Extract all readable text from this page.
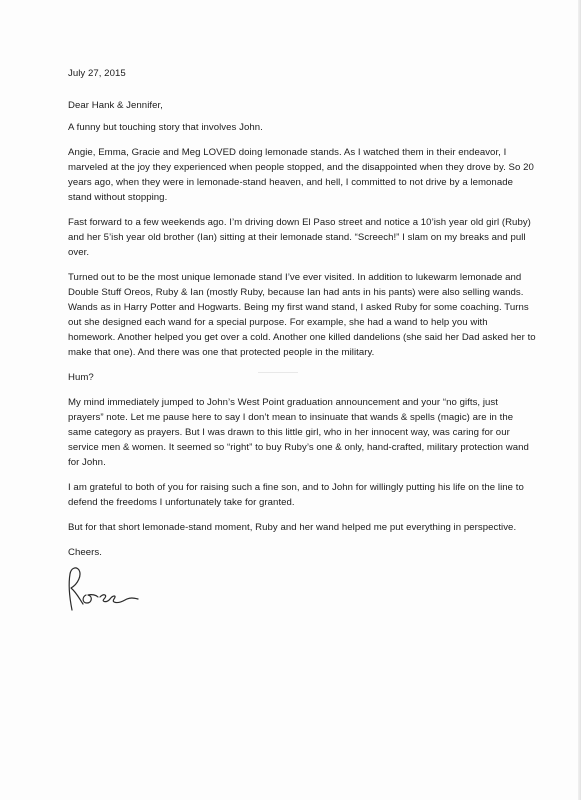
July 27, 2015
Dear Hank & Jennifer,

A funny but touching story that involves John.

Angie, Emma, Gracie and Meg LOVED doing lemonade stands. As I watched them in their endeavor, I marveled at the joy they experienced when people stopped, and the disappointed when they drove by. So 20 years ago, when they were in lemonade-stand heaven, and hell, I committed to not drive by a lemonade stand without stopping.

Fast forward to a few weekends ago. I’m driving down El Paso street and notice a 10’ish year old girl (Ruby) and her 5’ish year old brother (Ian) sitting at their lemonade stand. “Screech!” I slam on my breaks and pull over.

Turned out to be the most unique lemonade stand I’ve ever visited. In addition to lukewarm lemonade and Double Stuff Oreos, Ruby & Ian (mostly Ruby, because Ian had ants in his pants) were also selling wands. Wands as in Harry Potter and Hogwarts. Being my first wand stand, I asked Ruby for some coaching. Turns out she designed each wand for a special purpose. For example, she had a wand to help you with homework. Another helped you get over a cold. Another one killed dandelions (she said her Dad asked her to make that one). And there was one that protected people in the military.

Hum?

My mind immediately jumped to John’s West Point graduation announcement and your “no gifts, just prayers” note. Let me pause here to say I don’t mean to insinuate that wands & spells (magic) are in the same category as prayers. But I was drawn to this little girl, who in her innocent way, was caring for our service men & women. It seemed so “right” to buy Ruby’s one & only, hand-crafted, military protection wand for John.

I am grateful to both of you for raising such a fine son, and to John for willingly putting his life on the line to defend the freedoms I unfortunately take for granted.

But for that short lemonade-stand moment, Ruby and her wand helped me put everything in perspective.

Cheers.
